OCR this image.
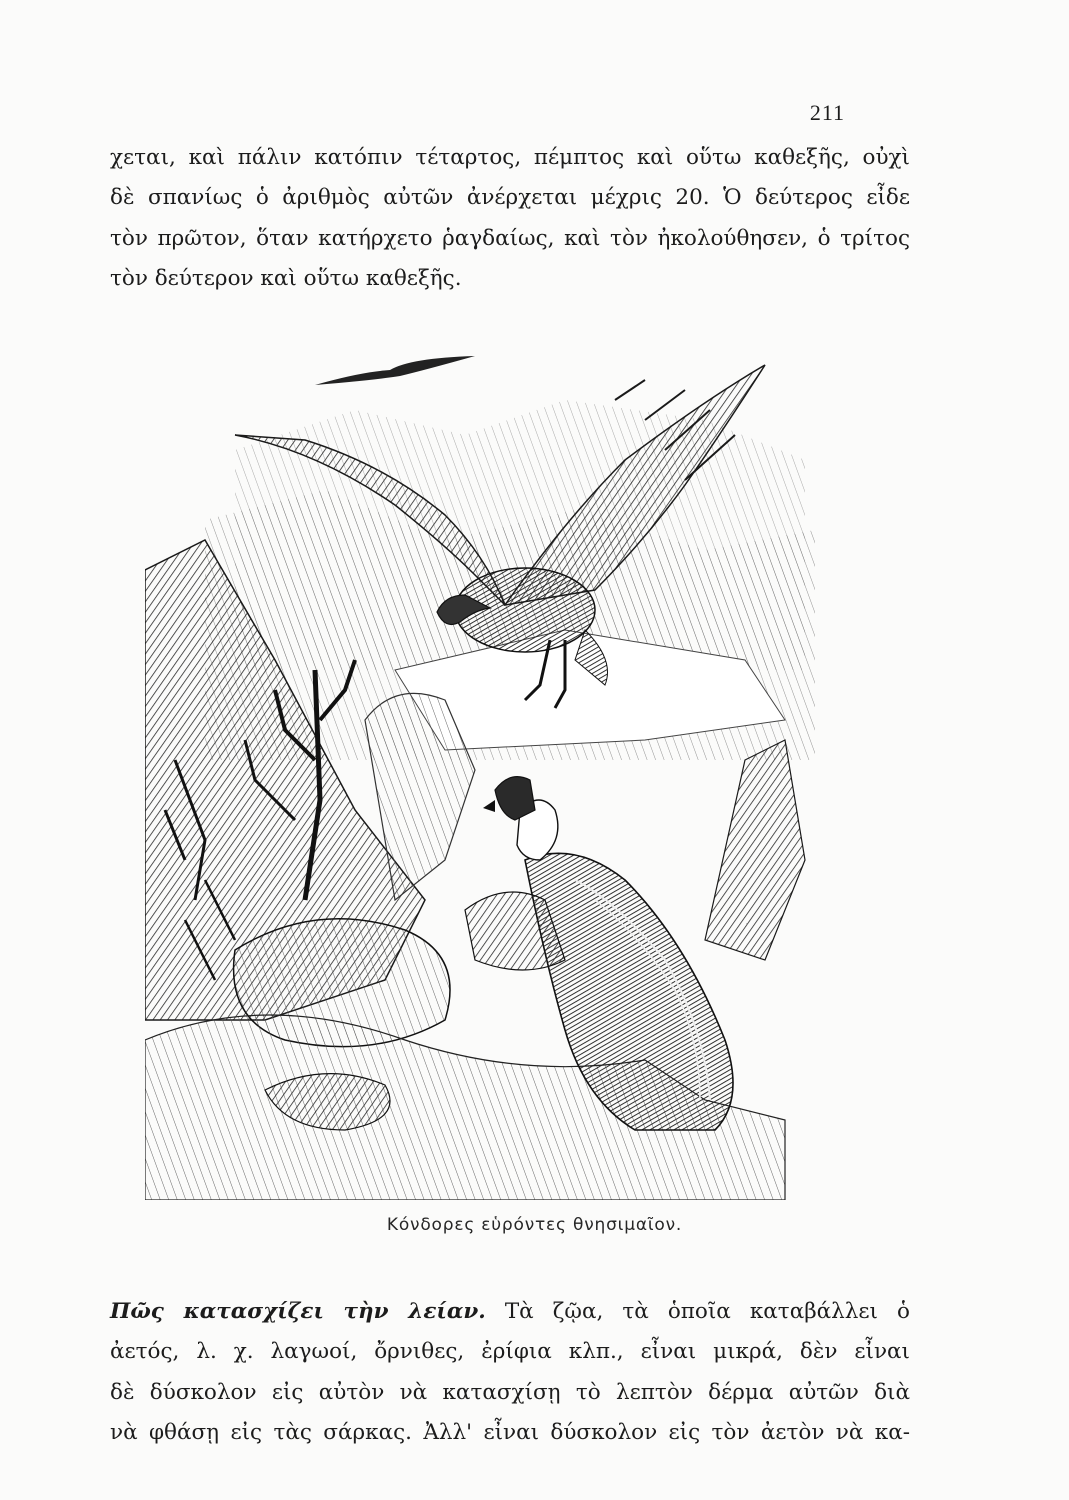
211
χεται, καὶ πάλιν κατόπιν τέταρτος, πέμπτος καὶ οὕτω καθεξῆς, οὐχὶ
δὲ σπανίως ὁ ἀριθμὸς αὐτῶν ἀνέρχεται μέχρις 20. Ὁ δεύτερος εἶδε
τὸν πρῶτον, ὅταν κατήρχετο ῥαγδαίως, καὶ τὸν ἠκολούθησεν, ὁ τρίτος
τὸν δεύτερον καὶ οὕτω καθεξῆς.
Κόνδορες εὑρόντες θνησιμαῖον.
Πῶς κατασχίζει τὴν λείαν. Τὰ ζῷα, τὰ ὁποῖα καταβάλλει ὁ
ἀετός, λ. χ. λαγωοί, ὄρνιθες, ἐρίφια κλπ., εἶναι μικρά, δὲν εἶναι
δὲ δύσκολον εἰς αὐτὸν νὰ κατασχίσῃ τὸ λεπτὸν δέρμα αὐτῶν διὰ
νὰ φθάσῃ εἰς τὰς σάρκας. Ἀλλ' εἶναι δύσκολον εἰς τὸν ἀετὸν νὰ κα-
